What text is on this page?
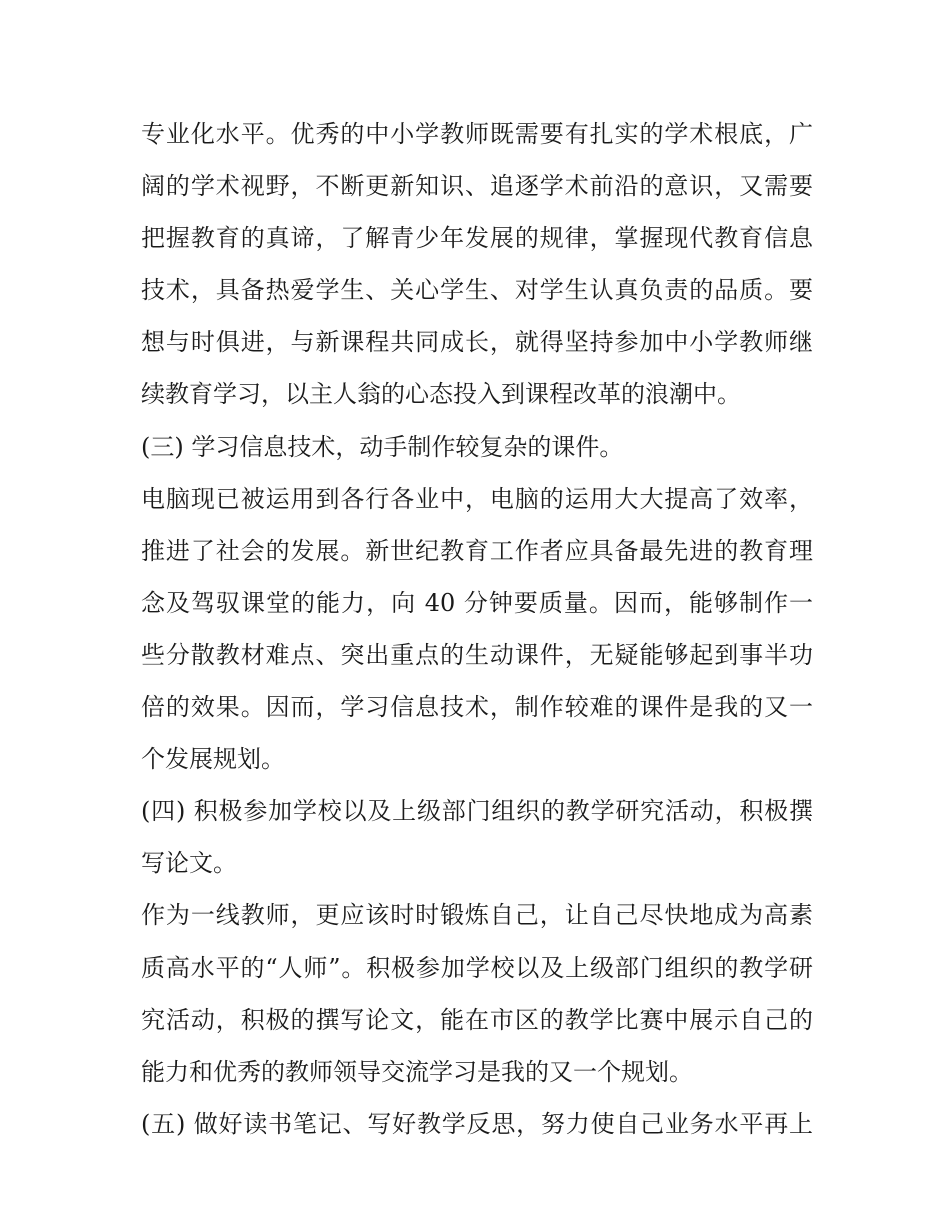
专业化水平。优秀的中小学教师既需要有扎实的学术根底，广
阔的学术视野，不断更新知识、追逐学术前沿的意识，又需要
把握教育的真谛，了解青少年发展的规律，掌握现代教育信息
技术，具备热爱学生、关心学生、对学生认真负责的品质。要
想与时俱进，与新课程共同成长，就得坚持参加中小学教师继
续教育学习，以主人翁的心态投入到课程改革的浪潮中。
(三) 学习信息技术，动手制作较复杂的课件。
电脑现已被运用到各行各业中，电脑的运用大大提高了效率，
推进了社会的发展。新世纪教育工作者应具备最先进的教育理
念及驾驭课堂的能力，向 40 分钟要质量。因而，能够制作一
些分散教材难点、突出重点的生动课件，无疑能够起到事半功
倍的效果。因而，学习信息技术，制作较难的课件是我的又一
个发展规划。
(四) 积极参加学校以及上级部门组织的教学研究活动，积极撰
写论文。
作为一线教师，更应该时时锻炼自己，让自己尽快地成为高素
质高水平的“人师”。积极参加学校以及上级部门组织的教学研
究活动，积极的撰写论文，能在市区的教学比赛中展示自己的
能力和优秀的教师领导交流学习是我的又一个规划。
(五) 做好读书笔记、写好教学反思，努力使自己业务水平再上
